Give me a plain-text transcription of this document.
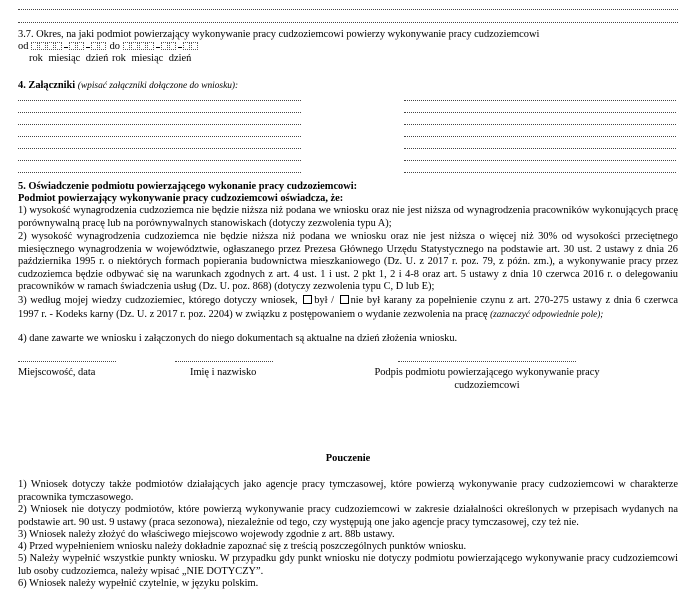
3.7. Okres, na jaki podmiot powierzający wykonywanie pracy cudzoziemcowi powierzy wykonywanie pracy cudzoziemcowi
od	do
rok miesiąc dzień rok miesiąc dzień
4. Załączniki (wpisać załączniki dołączone do wniosku):
5. Oświadczenie podmiotu powierzającego wykonanie pracy cudzoziemcowi:
Podmiot powierzający wykonywanie pracy cudzoziemcowi oświadcza, że:
1) wysokość wynagrodzenia cudzoziemca nie będzie niższa niż podana we wniosku oraz nie jest niższa od wynagrodzenia pracowników wykonujących pracę porównywalną pracę lub na porównywalnych stanowiskach (dotyczy zezwolenia typu A);
2) wysokość wynagrodzenia cudzoziemca nie będzie niższa niż podana we wniosku oraz nie jest niższa o więcej niż 30% od wysokości przeciętnego miesięcznego wynagrodzenia w województwie, ogłaszanego przez Prezesa Głównego Urzędu Statystycznego na podstawie art. 30 ust. 2 ustawy z dnia 26 października 1995 r. o niektórych formach popierania budownictwa mieszkaniowego (Dz. U. z 2017 r. poz. 79, z późn. zm.), a wykonywanie pracy przez cudzoziemca będzie odbywać się na warunkach zgodnych z art. 4 ust. 1 i ust. 2 pkt 1, 2 i 4-8 oraz art. 5 ustawy z dnia 10 czerwca 2016 r. o delegowaniu pracowników w ramach świadczenia usług (Dz. U. poz. 868) (dotyczy zezwolenia typu C, D lub E);
3) według mojej wiedzy cudzoziemiec, którego dotyczy wniosek, był / nie był karany za popełnienie czynu z art. 270-275 ustawy z dnia 6 czerwca 1997 r. - Kodeks karny (Dz. U. z 2017 r. poz. 2204) w związku z postępowaniem o wydanie zezwolenia na pracę (zaznaczyć odpowiednie pole);
4) dane zawarte we wniosku i załączonych do niego dokumentach są aktualne na dzień złożenia wniosku.
Miejscowość, data	Imię i nazwisko	Podpis podmiotu powierzającego wykonywanie pracy cudzoziemcowi
Pouczenie
1) Wniosek dotyczy także podmiotów działających jako agencje pracy tymczasowej, które powierzą wykonywanie pracy cudzoziemcowi w charakterze pracownika tymczasowego.
2) Wniosek nie dotyczy podmiotów, które powierzą wykonywanie pracy cudzoziemcowi w zakresie działalności określonych w przepisach wydanych na podstawie art. 90 ust. 9 ustawy (praca sezonowa), niezależnie od tego, czy występują one jako agencje pracy tymczasowej, czy też nie.
3) Wniosek należy złożyć do właściwego miejscowo wojewody zgodnie z art. 88b ustawy.
4) Przed wypełnieniem wniosku należy dokładnie zapoznać się z treścią poszczególnych punktów wniosku.
5) Należy wypełnić wszystkie punkty wniosku. W przypadku gdy punkt wniosku nie dotyczy podmiotu powierzającego wykonywanie pracy cudzoziemcowi lub osoby cudzoziemca, należy wpisać „NIE DOTYCZY”.
6) Wniosek należy wypełnić czytelnie, w języku polskim.
